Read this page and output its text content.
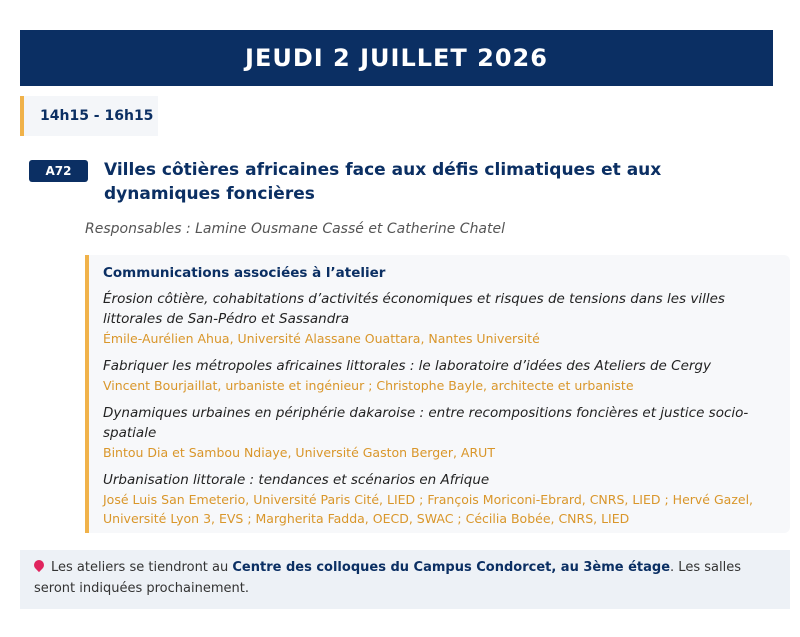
JEUDI 2 JUILLET 2026
14h15 - 16h15
A72 Villes côtières africaines face aux défis climatiques et aux dynamiques foncières
Responsables : Lamine Ousmane Cassé et Catherine Chatel
Communications associées à l’atelier
Érosion côtière, cohabitations d’activités économiques et risques de tensions dans les villes littorales de San-Pédro et Sassandra
Émile-Aurélien Ahua, Université Alassane Ouattara, Nantes Université
Fabriquer les métropoles africaines littorales : le laboratoire d’idées des Ateliers de Cergy
Vincent Bourjaillat, urbaniste et ingénieur ; Christophe Bayle, architecte et urbaniste
Dynamiques urbaines en périphérie dakaroise : entre recompositions foncières et justice socio-spatiale
Bintou Dia et Sambou Ndiaye, Université Gaston Berger, ARUT
Urbanisation littorale : tendances et scénarios en Afrique
José Luis San Emeterio, Université Paris Cité, LIED ; François Moriconi-Ebrard, CNRS, LIED ; Hervé Gazel, Université Lyon 3, EVS ; Margherita Fadda, OECD, SWAC ; Cécilia Bobée, CNRS, LIED
Les ateliers se tiendront au Centre des colloques du Campus Condorcet, au 3ème étage. Les salles seront indiquées prochainement.
